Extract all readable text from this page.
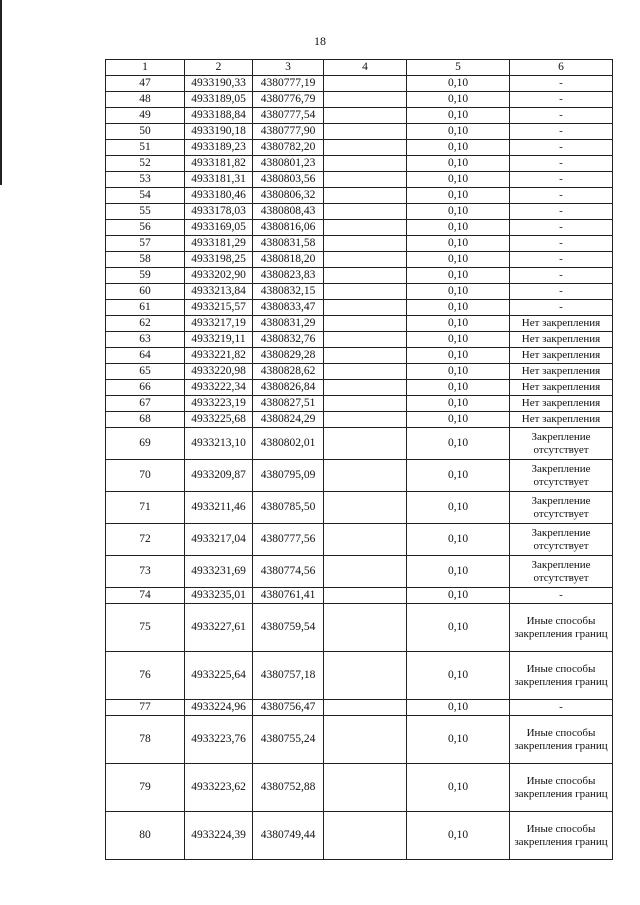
18
1	2	3	4	5	6
47	4933190,33	4380777,19		0,10	-
48	4933189,05	4380776,79		0,10	-
49	4933188,84	4380777,54		0,10	-
50	4933190,18	4380777,90		0,10	-
51	4933189,23	4380782,20		0,10	-
52	4933181,82	4380801,23		0,10	-
53	4933181,31	4380803,56		0,10	-
54	4933180,46	4380806,32		0,10	-
55	4933178,03	4380808,43		0,10	-
56	4933169,05	4380816,06		0,10	-
57	4933181,29	4380831,58		0,10	-
58	4933198,25	4380818,20		0,10	-
59	4933202,90	4380823,83		0,10	-
60	4933213,84	4380832,15		0,10	-
61	4933215,57	4380833,47		0,10	-
62	4933217,19	4380831,29		0,10	Нет закрепления
63	4933219,11	4380832,76		0,10	Нет закрепления
64	4933221,82	4380829,28		0,10	Нет закрепления
65	4933220,98	4380828,62		0,10	Нет закрепления
66	4933222,34	4380826,84		0,10	Нет закрепления
67	4933223,19	4380827,51		0,10	Нет закрепления
68	4933225,68	4380824,29		0,10	Нет закрепления
69	4933213,10	4380802,01		0,10	Закрепление отсутствует
70	4933209,87	4380795,09		0,10	Закрепление отсутствует
71	4933211,46	4380785,50		0,10	Закрепление отсутствует
72	4933217,04	4380777,56		0,10	Закрепление отсутствует
73	4933231,69	4380774,56		0,10	Закрепление отсутствует
74	4933235,01	4380761,41		0,10	-
75	4933227,61	4380759,54		0,10	Иные способы закрепления границ
76	4933225,64	4380757,18		0,10	Иные способы закрепления границ
77	4933224,96	4380756,47		0,10	-
78	4933223,76	4380755,24		0,10	Иные способы закрепления границ
79	4933223,62	4380752,88		0,10	Иные способы закрепления границ
80	4933224,39	4380749,44		0,10	Иные способы закрепления границ
